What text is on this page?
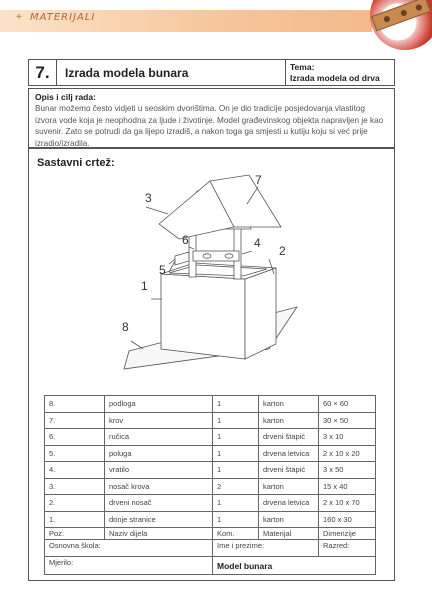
+ MATERIJALI
7.	Izrada modela bunara	Tema:
Izrada modela od drva
Opis i cilj rada:
Bunar možemo često vidjeti u seoskim dvorištima. On je dio tradicije posjedovanja vlastitog izvora vode koja je neophodna za ljude i životinje. Model građevinskog objekta napravljen je kao suvenir. Zato se potrudi da ga lijepo izradiš, a nakon toga ga smjesti u kutiju koju si već prije izradio/izradila.
Sastavni crtež:
7
3
6	4
2
5
1
8
8.	podloga	1	karton	60 × 60
7.	krov	1	karton	30 × 50
6.	ručica	1	drveni štapić	3 x 10
5.	poluga	1	drvena letvica	2 x 10 x 20
4.	vratilo	1	drveni štapić	3 x 50
3.	nosač krova	2	karton	15 x 40
2.	drveni nosač	1	drvena letvica	2 x 10 x 70
1.	donje stranice	1	karton	160 x 30
Poz.	Naziv dijela	Kom.	Materijal	Dimenzije
Osnovna škola:		Ime i prezime:		Razred:
Mjerilo:		Model bunara		
